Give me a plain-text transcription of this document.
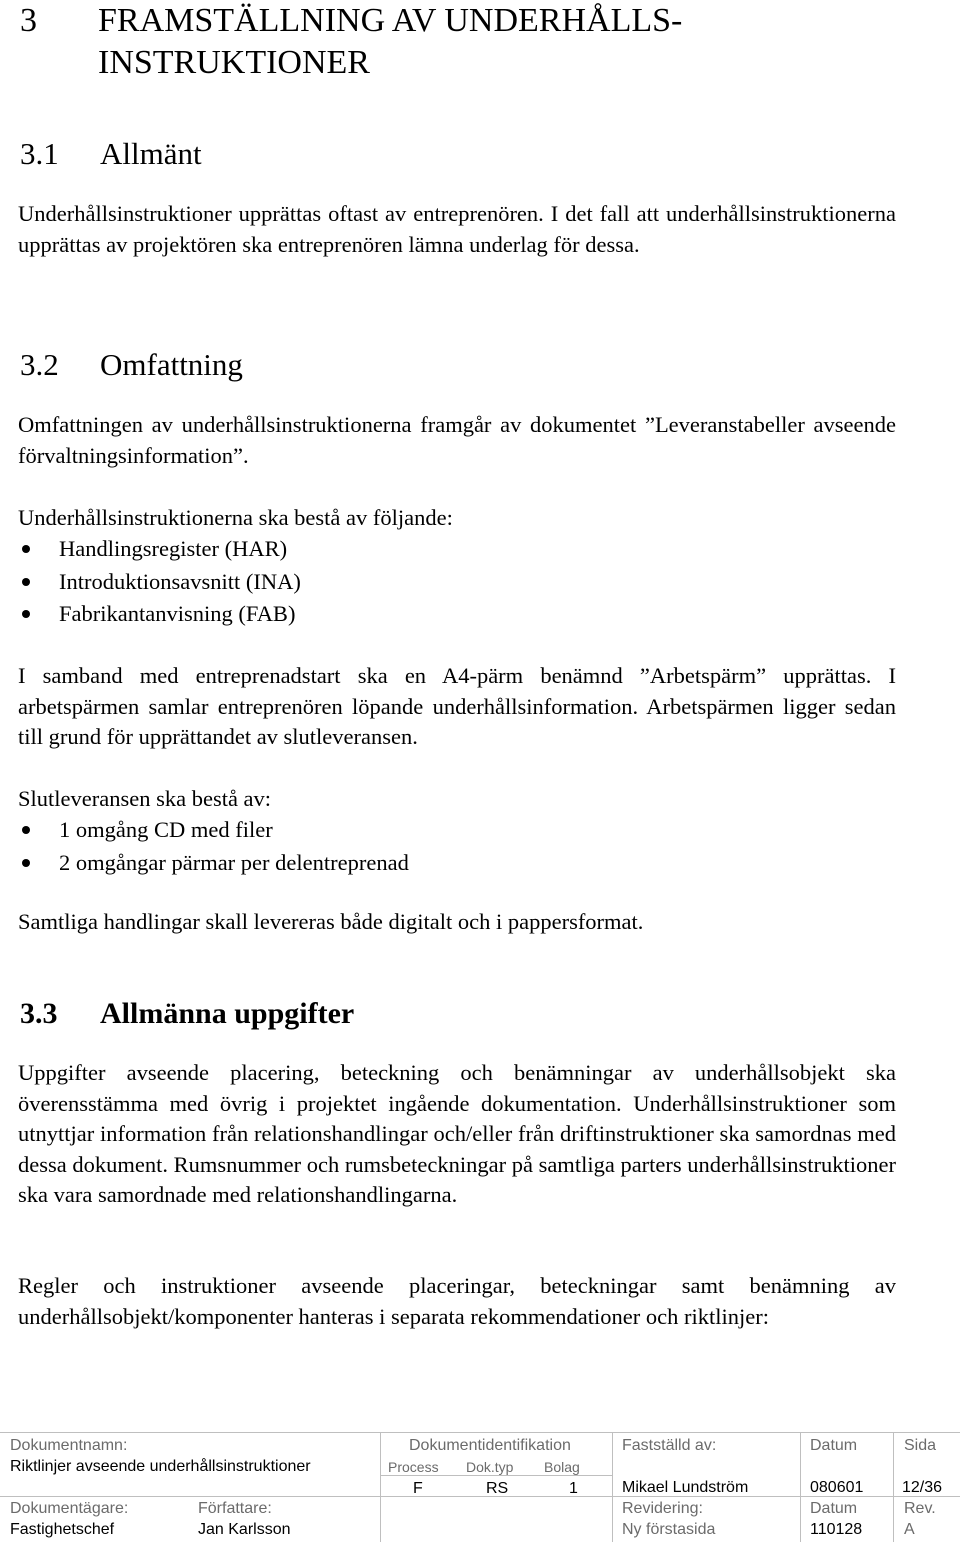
3 FRAMSTÄLLNING AV UNDERHÅLLS-
INSTRUKTIONER
3.1 Allmänt
Underhållsinstruktioner upprättas oftast av entreprenören. I det fall att underhållsinstruktionerna upprättas av projektören ska entreprenören lämna underlag för dessa.
3.2 Omfattning
Omfattningen av underhållsinstruktionerna framgår av dokumentet ”Leveranstabeller avseende förvaltningsinformation”.
Underhållsinstruktionerna ska bestå av följande:
Handlingsregister (HAR)
Introduktionsavsnitt (INA)
Fabrikantanvisning (FAB)
I samband med entreprenadstart ska en A4-pärm benämnd ”Arbetspärm” upprättas. I arbetspärmen samlar entreprenören löpande underhållsinformation. Arbetspärmen ligger sedan till grund för upprättandet av slutleveransen.
Slutleveransen ska bestå av:
1 omgång CD med filer
2 omgångar pärmar per delentreprenad
Samtliga handlingar skall levereras både digitalt och i pappersformat.
3.3 Allmänna uppgifter
Uppgifter avseende placering, beteckning och benämningar av underhållsobjekt ska överensstämma med övrig i projektet ingående dokumentation. Underhållsinstruktioner som utnyttjar information från relationshandlingar och/eller från driftinstruktioner ska samordnas med dessa dokument. Rumsnummer och rumsbeteckningar på samtliga parters underhållsinstruktioner ska vara samordnade med relationshandlingarna.
Regler och instruktioner avseende placeringar, beteckningar samt benämning av underhållsobjekt/komponenter hanteras i separata rekommendationer och riktlinjer:
Dokumentnamn:	Dokumentidentifikation	Fastställd av:	Datum	Sida
Riktlinjer avseende underhållsinstruktioner	Process Dok.typ Bolag
F	RS	1	Mikael Lundström	080601 12/36
Dokumentägare:	Författare:	Revidering:	Datum	Rev.
Fastighetschef	Jan Karlsson	Ny förstasida	110128	A
